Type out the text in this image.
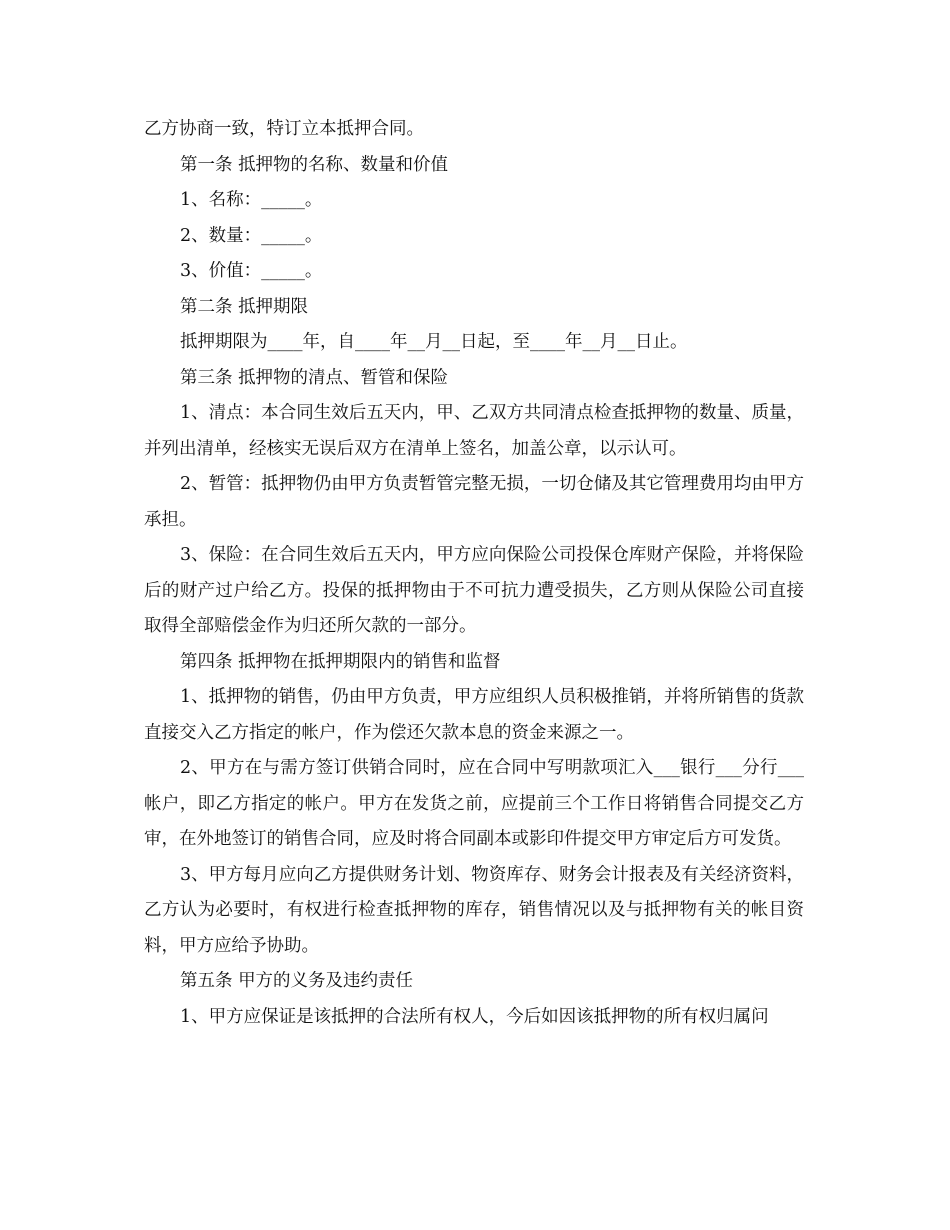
乙方协商一致，特订立本抵押合同。

第一条 抵押物的名称、数量和价值

1、名称：_____。

2、数量：_____。

3、价值：_____。

第二条 抵押期限

抵押期限为____年，自____年__月__日起，至____年__月__日止。

第三条 抵押物的清点、暂管和保险

1、清点：本合同生效后五天内，甲、乙双方共同清点检查抵押物的数量、质量，并列出清单，经核实无误后双方在清单上签名，加盖公章，以示认可。

2、暂管：抵押物仍由甲方负责暂管完整无损，一切仓储及其它管理费用均由甲方承担。

3、保险：在合同生效后五天内，甲方应向保险公司投保仓库财产保险，并将保险后的财产过户给乙方。投保的抵押物由于不可抗力遭受损失，乙方则从保险公司直接取得全部赔偿金作为归还所欠款的一部分。

第四条 抵押物在抵押期限内的销售和监督

1、抵押物的销售，仍由甲方负责，甲方应组织人员积极推销，并将所销售的货款直接交入乙方指定的帐户，作为偿还欠款本息的资金来源之一。

2、甲方在与需方签订供销合同时，应在合同中写明款项汇入___银行___分行___帐户，即乙方指定的帐户。甲方在发货之前，应提前三个工作日将销售合同提交乙方审，在外地签订的销售合同，应及时将合同副本或影印件提交甲方审定后方可发货。

3、甲方每月应向乙方提供财务计划、物资库存、财务会计报表及有关经济资料，乙方认为必要时，有权进行检查抵押物的库存，销售情况以及与抵押物有关的帐目资料，甲方应给予协助。

第五条 甲方的义务及违约责任

1、甲方应保证是该抵押的合法所有权人，今后如因该抵押物的所有权归属问
